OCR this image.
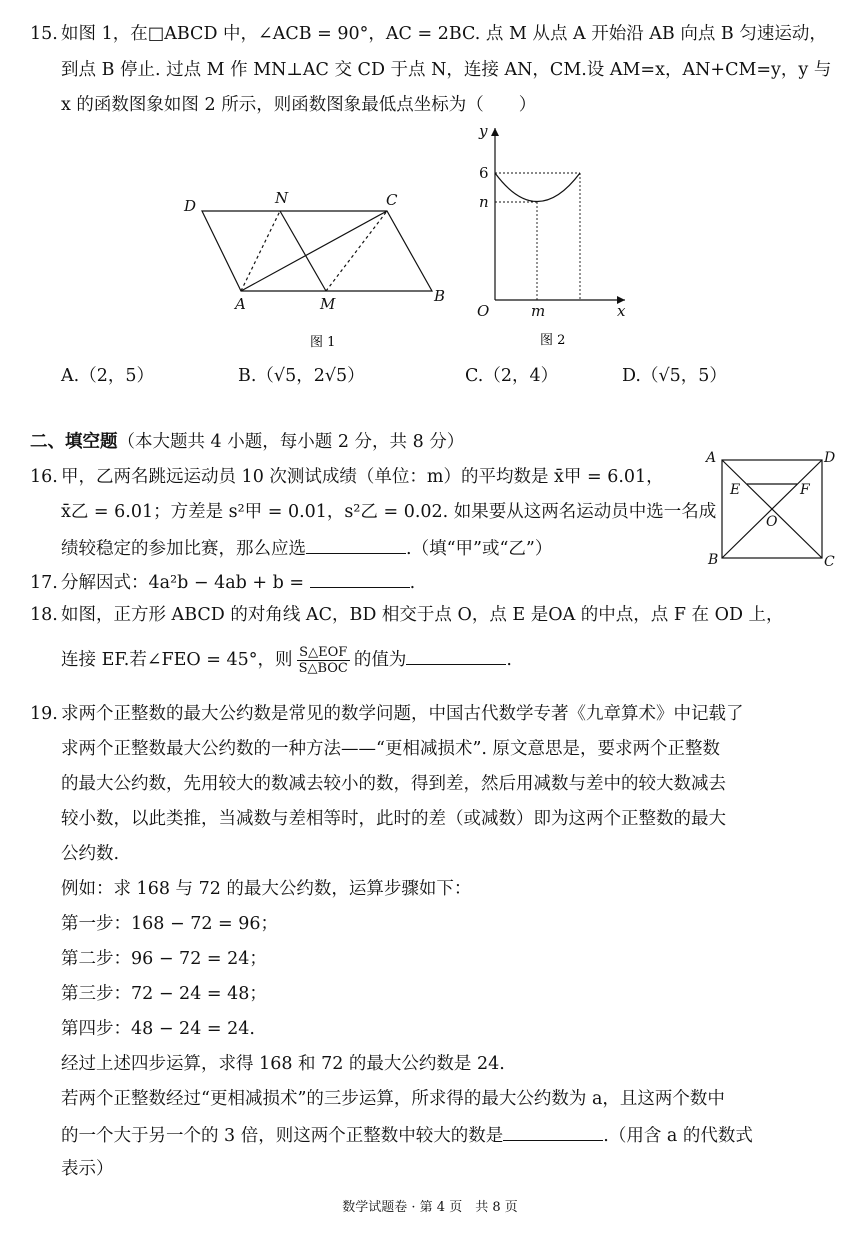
15. 如图 1，在□ABCD 中，∠ACB = 90°，AC = 2BC. 点 M 从点 A 开始沿 AB 向点 B 匀速运动，
到点 B 停止. 过点 M 作 MN⊥AC 交 CD 于点 N，连接 AN，CM.设 AM=x，AN+CM=y，y 与
x 的函数图象如图 2 所示，则函数图象最低点坐标为（　　）
D	N	C
A	M	B
图 1
y
6
n
O	m	x
图 2
A.（2，5）	B.（√5，2√5）	C.（2，4）	D.（√5，5）
二、填空题（本大题共 4 小题，每小题 2 分，共 8 分）
16. 甲，乙两名跳远运动员 10 次测试成绩（单位：m）的平均数是 x̄甲 = 6.01，
x̄乙 = 6.01；方差是 s²甲 = 0.01，s²乙 = 0.02. 如果要从这两名运动员中选一名成
绩较稳定的参加比赛，那么应选	.（填“甲”或“乙”）
A	D
E	F
O
B	C
17. 分解因式：4a²b − 4ab + b =	.
18. 如图，正方形 ABCD 的对角线 AC，BD 相交于点 O，点 E 是OA 的中点，点 F 在 OD 上，
连接 EF.若∠FEO = 45°，则 $\frac{\text{S△EOF}}{\text{S△BOC}}$ 的值为	.
19. 求两个正整数的最大公约数是常见的数学问题，中国古代数学专著《九章算术》中记载了
求两个正整数最大公约数的一种方法——“更相减损术”. 原文意思是，要求两个正整数
的最大公约数，先用较大的数减去较小的数，得到差，然后用减数与差中的较大数减去
较小数，以此类推，当减数与差相等时，此时的差（或减数）即为这两个正整数的最大
公约数.
例如：求 168 与 72 的最大公约数，运算步骤如下：
第一步：168 − 72 = 96；
第二步：96 − 72 = 24；
第三步：72 − 24 = 48；
第四步：48 − 24 = 24.
经过上述四步运算，求得 168 和 72 的最大公约数是 24.
若两个正整数经过“更相减损术”的三步运算，所求得的最大公约数为 a，且这两个数中
的一个大于另一个的 3 倍，则这两个正整数中较大的数是	.（用含 a 的代数式
表示）
数学试题卷 · 第 4 页　共 8 页
